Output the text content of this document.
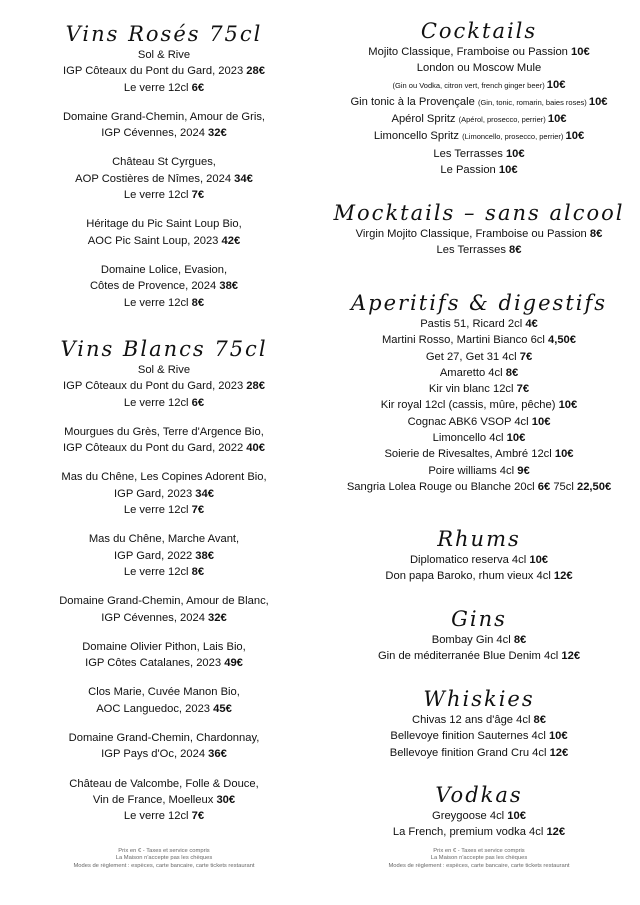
Vins Rosés 75cl
Sol & Rive
IGP Côteaux du Pont du Gard, 2023 28€
Le verre 12cl 6€
Domaine Grand-Chemin, Amour de Gris,
IGP Cévennes, 2024 32€
Château St Cyrgues,
AOP Costières de Nîmes, 2024 34€
Le verre 12cl 7€
Héritage du Pic Saint Loup Bio,
AOC Pic Saint Loup, 2023 42€
Domaine Lolice, Evasion,
Côtes de Provence, 2024 38€
Le verre 12cl 8€
Vins Blancs 75cl
Sol & Rive
IGP Côteaux du Pont du Gard, 2023 28€
Le verre 12cl 6€
Mourgues du Grès, Terre d'Argence Bio,
IGP Côteaux du Pont du Gard, 2022 40€
Mas du Chêne, Les Copines Adorent Bio,
IGP Gard, 2023 34€
Le verre 12cl 7€
Mas du Chêne, Marche Avant,
IGP Gard, 2022 38€
Le verre 12cl 8€
Domaine Grand-Chemin, Amour de Blanc,
IGP Cévennes, 2024 32€
Domaine Olivier Pithon, Lais Bio,
IGP Côtes Catalanes, 2023 49€
Clos Marie, Cuvée Manon Bio,
AOC Languedoc, 2023 45€
Domaine Grand-Chemin, Chardonnay,
IGP Pays d'Oc, 2024 36€
Château de Valcombe, Folle & Douce,
Vin de France, Moelleux 30€
Le verre 12cl 7€
Prix en € - Taxes et service compris
La Maison n'accepte pas les chèques
Modes de règlement : espèces, carte bancaire, carte tickets restaurant
Cocktails
Mojito Classique, Framboise ou Passion 10€
London ou Moscow Mule
(Gin ou Vodka, citron vert, french ginger beer) 10€
Gin tonic à la Provençale (Gin, tonic, romarin, baies roses) 10€
Apérol Spritz (Apérol, prosecco, perrier) 10€
Limoncello Spritz (Limoncello, prosecco, perrier) 10€
Les Terrasses 10€
Le Passion 10€
Mocktails – sans alcool
Virgin Mojito Classique, Framboise ou Passion 8€
Les Terrasses 8€
Aperitifs & digestifs
Pastis 51, Ricard 2cl 4€
Martini Rosso, Martini Bianco 6cl 4,50€
Get 27, Get 31 4cl 7€
Amaretto 4cl 8€
Kir vin blanc 12cl 7€
Kir royal 12cl (cassis, mûre, pêche) 10€
Cognac ABK6 VSOP 4cl 10€
Limoncello 4cl 10€
Soierie de Rivesaltes, Ambré 12cl 10€
Poire williams 4cl 9€
Sangria Lolea Rouge ou Blanche 20cl 6€ 75cl 22,50€
Rhums
Diplomatico reserva 4cl 10€
Don papa Baroko, rhum vieux 4cl 12€
Gins
Bombay Gin 4cl 8€
Gin de méditerranée Blue Denim 4cl 12€
Whiskies
Chivas 12 ans d'âge 4cl 8€
Bellevoye finition Sauternes 4cl 10€
Bellevoye finition Grand Cru 4cl 12€
Vodkas
Greygoose 4cl 10€
La French, premium vodka 4cl 12€
Prix en € - Taxes et service compris
La Maison n'accepte pas les chèques
Modes de règlement : espèces, carte bancaire, carte tickets restaurant
